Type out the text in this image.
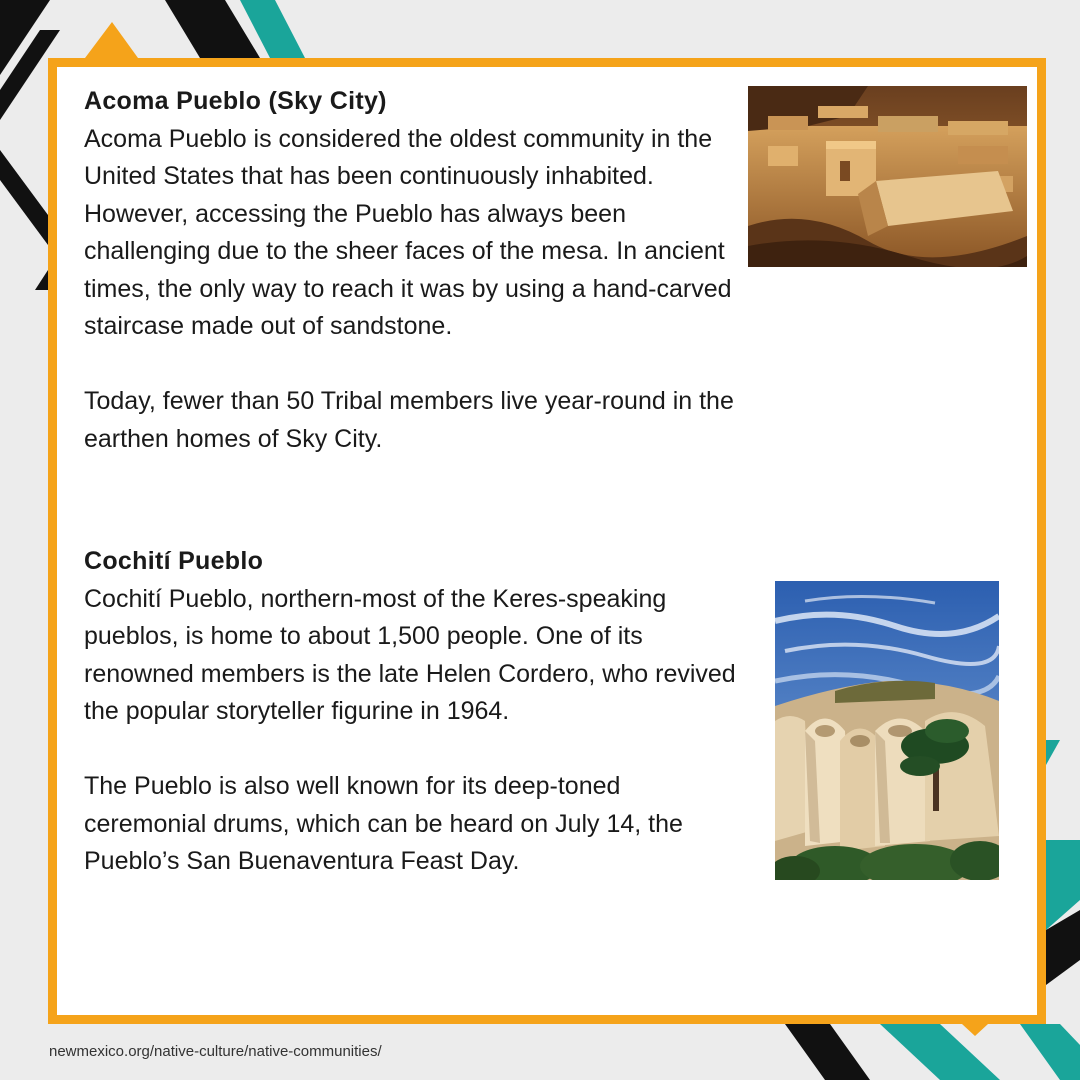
Acoma Pueblo (Sky City)

Acoma Pueblo is considered the oldest community in the United States that has been continuously inhabited. However, accessing the Pueblo has always been challenging due to the sheer faces of the mesa. In ancient times, the only way to reach it was by using a hand-carved staircase made out of sandstone.

Today, fewer than 50 Tribal members live year-round in the earthen homes of Sky City.

Cochití Pueblo

Cochití Pueblo, northern-most of the Keres-speaking pueblos, is home to about 1,500 people. One of its renowned members is the late Helen Cordero, who revived the popular storyteller figurine in 1964.

The Pueblo is also well known for its deep-toned ceremonial drums, which can be heard on July 14, the Pueblo’s San Buenaventura Feast Day.

newmexico.org/native-culture/native-communities/
